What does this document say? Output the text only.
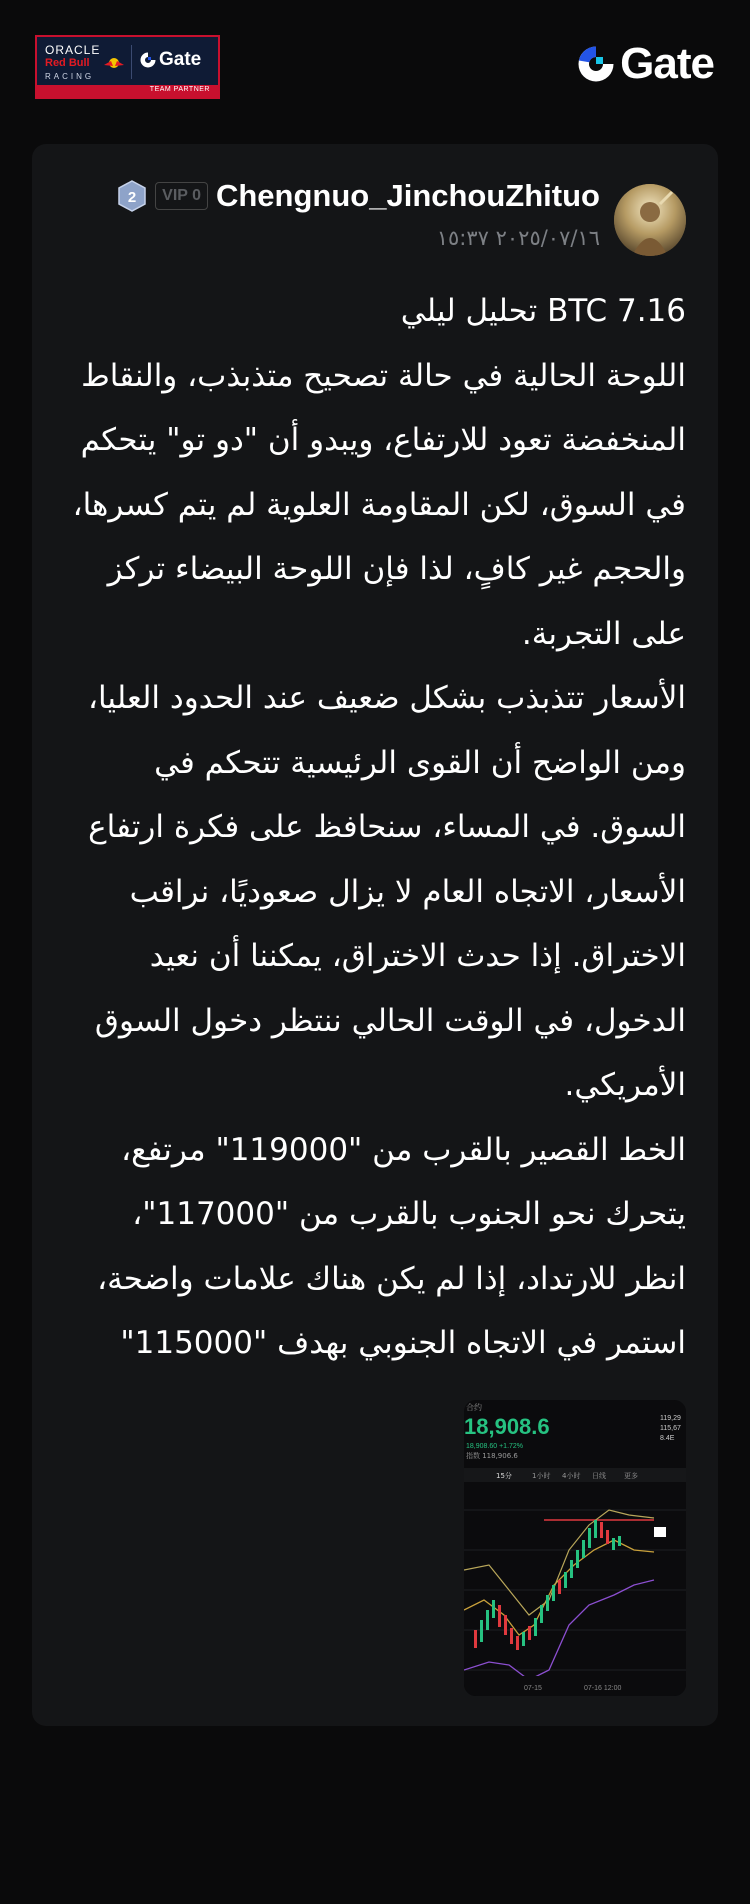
ORACLE
Red Bull
RACING
Gate
TEAM PARTNER
Gate
2	VIP 0 Chengnuo_JinchouZhituo
٢٠٢٥/٠٧/١٦ ١٥:٣٧
BTC 7.16 تحليل ليلي
اللوحة الحالية في حالة تصحيح متذبذب، والنقاط المنخفضة تعود للارتفاع، ويبدو أن "دو تو" يتحكم في السوق، لكن المقاومة العلوية لم يتم كسرها، والحجم غير كافٍ، لذا فإن اللوحة البيضاء تركز على التجربة.
الأسعار تتذبذب بشكل ضعيف عند الحدود العليا، ومن الواضح أن القوى الرئيسية تتحكم في السوق. في المساء، سنحافظ على فكرة ارتفاع الأسعار، الاتجاه العام لا يزال صعوديًا، نراقب الاختراق. إذا حدث الاختراق، يمكننا أن نعيد الدخول، في الوقت الحالي ننتظر دخول السوق الأمريكي.
الخط القصير بالقرب من "119000" مرتفع، يتحرك نحو الجنوب بالقرب من "117000"، انظر للارتداد، إذا لم يكن هناك علامات واضحة، استمر في الاتجاه الجنوبي بهدف "115000"
合约
18,908.6
18,908.60 +1.72%
指数 118,906.6
119,29
115,67
8.4E
15分	1小时 4小时 日线	更多
07-15	07-16 12:00
